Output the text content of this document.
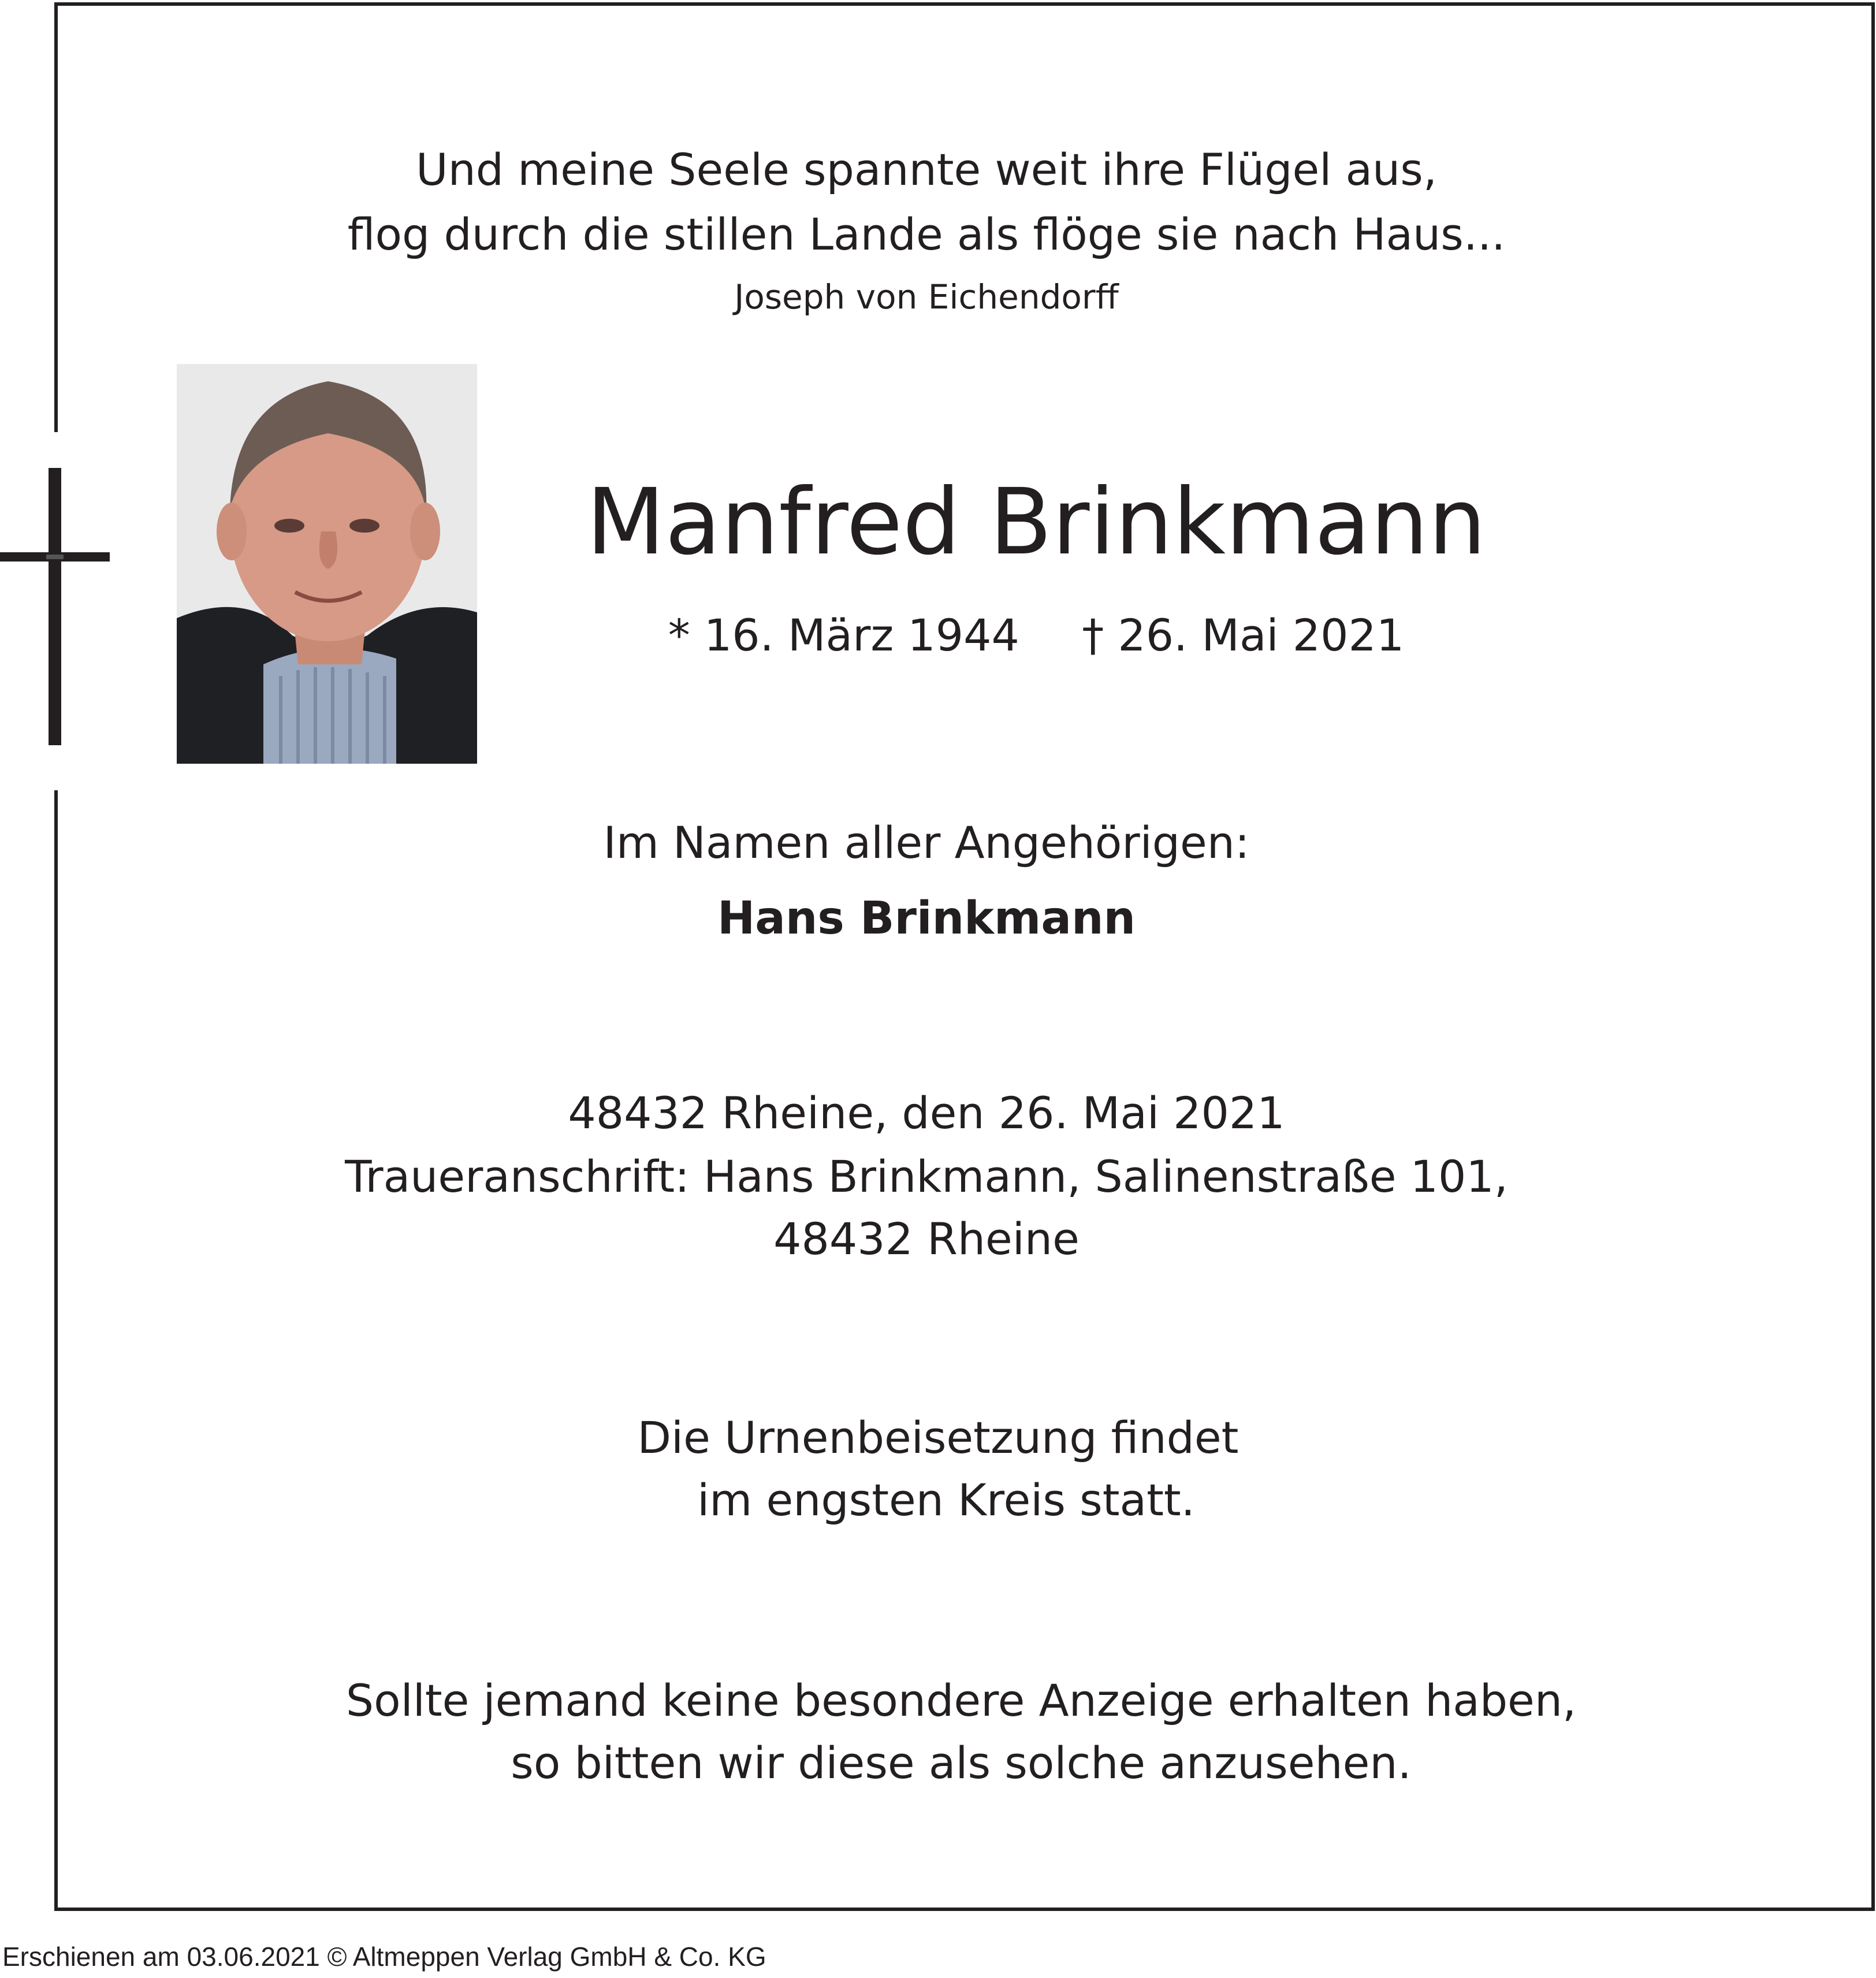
Und meine Seele spannte weit ihre Flügel aus,
flog durch die stillen Lande als flöge sie nach Haus...
Joseph von Eichendorff
Manfred Brinkmann
* 16. März 1944 † 26. Mai 2021
Im Namen aller Angehörigen:
Hans Brinkmann
48432 Rheine, den 26. Mai 2021
Traueranschrift: Hans Brinkmann, Salinenstraße 101,
48432 Rheine
Die Urnenbeisetzung findet
im engsten Kreis statt.
Sollte jemand keine besondere Anzeige erhalten haben,
so bitten wir diese als solche anzusehen.
Erschienen am 03.06.2021 © Altmeppen Verlag GmbH & Co. KG
